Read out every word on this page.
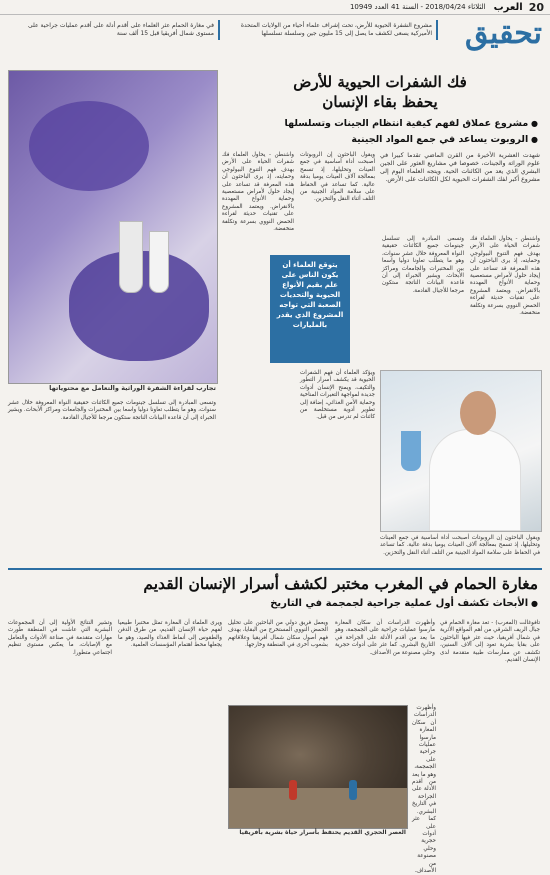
20
العرب
الثلاثاء 2018/04/24 - السنة 41 العدد 10949
تحقيق
مشروع الشفرة الحيوية للأرض، تحت إشراف علماء أحياء من الولايات المتحدة الأميركية يسعى لكشف ما يصل إلى 15 مليون جين وسلسلة تسلسلها
في مغارة الحمام عثر العلماء على أقدم أدلة على أقدم عمليات جراحية على مستوى شمال أفريقيا قبل 15 ألف سنة
تجارب لقراءة الشفرة الوراثية والتعامل مع محتوياتها
فك الشفرات الحيوية للأرض
يحفظ بقاء الإنسان
● مشروع عملاق لفهم كيفية انتظام الجينات وتسلسلها
● الروبوت يساعد في جمع المواد الجينية
شهدت العشرية الأخيرة من القرن الماضي تقدما كبيرا في علوم الوراثة والجينات، خصوصا في مشاريع العثور على الجين البشري الذي يعد من الكائنات الحية. ويتجه العلماء اليوم إلى مشروع أكبر لفك الشفرات الحيوية لكل الكائنات على الأرض.
واشنطن - يحاول العلماء فك شفرات الحياة على الأرض بهدف فهم التنوع البيولوجي وحمايته، إذ يرى الباحثون أن هذه المعرفة قد تساعد على إيجاد حلول لأمراض مستعصية وحماية الأنواع المهددة بالانقراض. ويعتمد المشروع على تقنيات حديثة لقراءة الحمض النووي بسرعة وتكلفة منخفضة.
وتسعى المبادرة إلى تسلسل جينومات جميع الكائنات حقيقية النواة المعروفة خلال عشر سنوات، وهو ما يتطلب تعاونا دوليا واسعا بين المختبرات والجامعات ومراكز الأبحاث. ويشير الخبراء إلى أن قاعدة البيانات الناتجة ستكون مرجعا للأجيال القادمة.
ويقول الباحثون إن الروبوتات أصبحت أداة أساسية في جمع العينات وتحليلها، إذ تسمح بمعالجة آلاف العينات يوميا بدقة عالية. كما تساعد في الحفاظ على سلامة المواد الجينية من التلف أثناء النقل والتخزين.
ويؤكد العلماء أن فهم الشفرات الحيوية قد يكشف أسرار التطور والتكيف، ويمنح الإنسان أدوات جديدة لمواجهة التغيرات المناخية وحماية الأمن الغذائي، إضافة إلى تطوير أدوية مستخلصة من كائنات لم تدرس من قبل.
واشنطن - يحاول العلماء فك شفرات الحياة على الأرض بهدف فهم التنوع البيولوجي وحمايته، إذ يرى الباحثون أن هذه المعرفة قد تساعد على إيجاد حلول لأمراض مستعصية وحماية الأنواع المهددة بالانقراض. ويعتمد المشروع على تقنيات حديثة لقراءة الحمض النووي بسرعة وتكلفة منخفضة.
وتسعى المبادرة إلى تسلسل جينومات جميع الكائنات حقيقية النواة المعروفة خلال عشر سنوات، وهو ما يتطلب تعاونا دوليا واسعا بين المختبرات والجامعات ومراكز الأبحاث. ويشير الخبراء إلى أن قاعدة البيانات الناتجة ستكون مرجعا للأجيال القادمة.
ويقول الباحثون إن الروبوتات أصبحت أداة أساسية في جمع العينات وتحليلها، إذ تسمح بمعالجة آلاف العينات يوميا بدقة عالية. كما تساعد في الحفاظ على سلامة المواد الجينية من التلف أثناء النقل والتخزين.
يتوقع العلماء أن يكون الناس على علم بقيم الأنواع الحيوية والتحديات الصعبة التي تواجه المشروع الذي يقدر بالمليارات
مغارة الحمام في المغرب مختبر لكشف أسرار الإنسان القديم
● الأبحاث تكشف أول عملية جراحية لجمجمة في التاريخ
تافوغالت (المغرب) - تعد مغارة الحمام في جبال الريف الشرقي من أهم المواقع الأثرية في شمال أفريقيا، حيث عثر فيها الباحثون على بقايا بشرية تعود إلى آلاف السنين، تكشف عن ممارسات طبية متقدمة لدى الإنسان القديم.
وأظهرت الدراسات أن سكان المغارة مارسوا عمليات جراحية على الجمجمة، وهو ما يعد من أقدم الأدلة على الجراحة في التاريخ البشري. كما عثر على أدوات حجرية وحلي مصنوعة من الأصداف.
ويعمل فريق دولي من الباحثين على تحليل الحمض النووي المستخرج من البقايا، بهدف فهم أصول سكان شمال أفريقيا وعلاقاتهم بشعوب أخرى في المنطقة وخارجها.
ويرى العلماء أن المغارة تمثل مختبرا طبيعيا لفهم حياة الإنسان القديم، من طرق الدفن والطقوس إلى أنماط الغذاء والصيد، وهو ما يجعلها محط اهتمام المؤسسات العلمية.
وتشير النتائج الأولية إلى أن المجموعات البشرية التي عاشت في المنطقة طورت مهارات متقدمة في صناعة الأدوات والتعامل مع الإصابات، ما يعكس مستوى تنظيم اجتماعي متطورا.
وأظهرت الدراسات أن سكان المغارة مارسوا عمليات جراحية على الجمجمة، وهو ما يعد من أقدم الأدلة على الجراحة في التاريخ البشري. كما عثر على أدوات حجرية وحلي مصنوعة من الأصداف.
العصر الحجري القديم يحتفظ بأسرار حياة بشرية بأفريقيا
